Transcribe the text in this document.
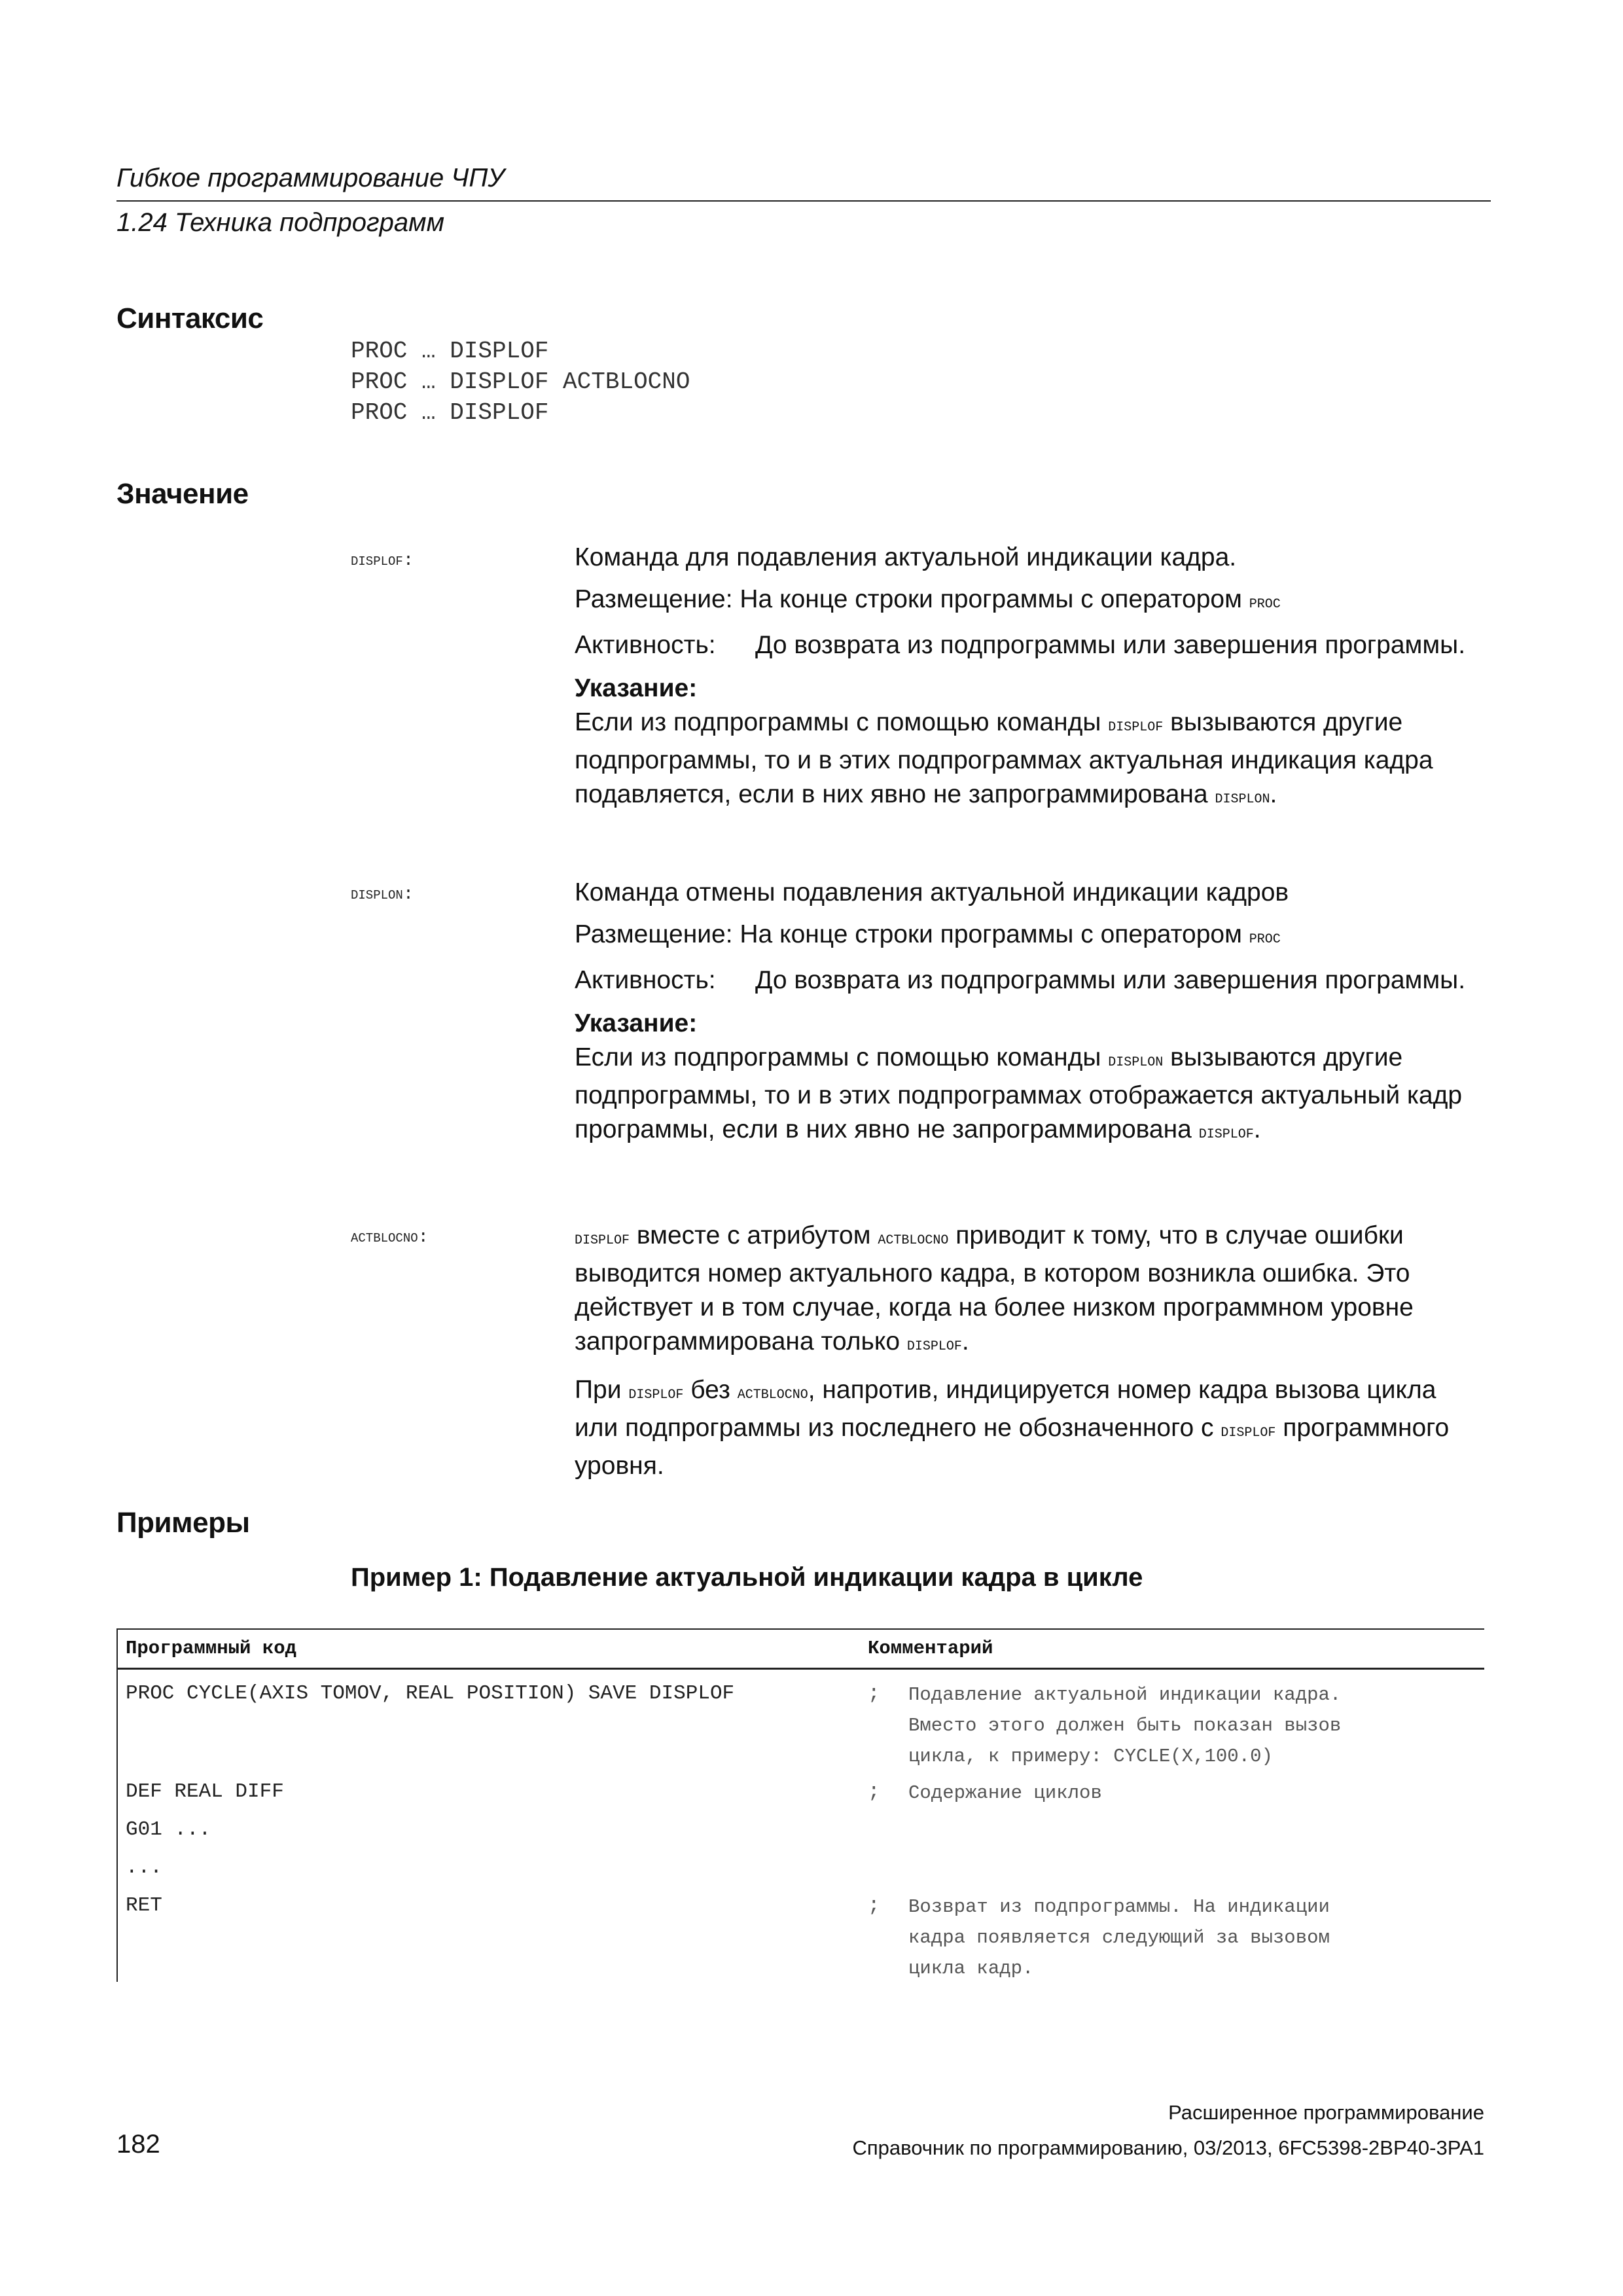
Гибкое программирование ЧПУ
1.24 Техника подпрограмм
Синтаксис
PROC … DISPLOF
PROC … DISPLOF ACTBLOCNO
PROC … DISPLOF
Значение
displof:	Команда для подавления актуальной индикации кадра.

Размещение: На конце строки программы с оператором proc

Активность: До возврата из подпрограммы или завершения программы.

Указание:

Если из подпрограммы с помощью команды displof вызываются другие подпрограммы, то и в этих подпрограммах актуальная индикация кадра подавляется, если в них явно не запрограммирована displon.

displon:	Команда отмены подавления актуальной индикации кадров

Размещение: На конце строки программы с оператором proc

Активность: До возврата из подпрограммы или завершения программы.

Указание:

Если из подпрограммы с помощью команды displon вызываются другие подпрограммы, то и в этих подпрограммах отображается актуальный кадр программы, если в них явно не запрограммирована displof.

actblocno:	displof вместе с атрибутом actblocno приводит к тому, что в случае ошибки выводится номер актуального кадра, в котором возникла ошибка. Это действует и в том случае, когда на более низком программном уровне запрограммирована только displof.

При displof без actblocno, напротив, индицируется номер кадра вызова цикла или подпрограммы из последнего не обозначенного с displof программного уровня.

Примеры
Пример 1: Подавление актуальной индикации кадра в цикле
Программный код	Комментарий
PROC CYCLE(AXIS TOMOV, REAL POSITION) SAVE DISPLOF	; Подавление актуальной индикации кадра.
Вместо этого должен быть показан вызов
цикла, к примеру: CYCLE(X,100.0)
DEF REAL DIFF	; Содержание циклов
G01 ...
...
RET	; Возврат из подпрограммы. На индикации
кадра появляется следующий за вызовом
цикла кадр.
Расширенное программирование
182	Справочник по программированию, 03/2013, 6FC5398-2BP40-3PA1
